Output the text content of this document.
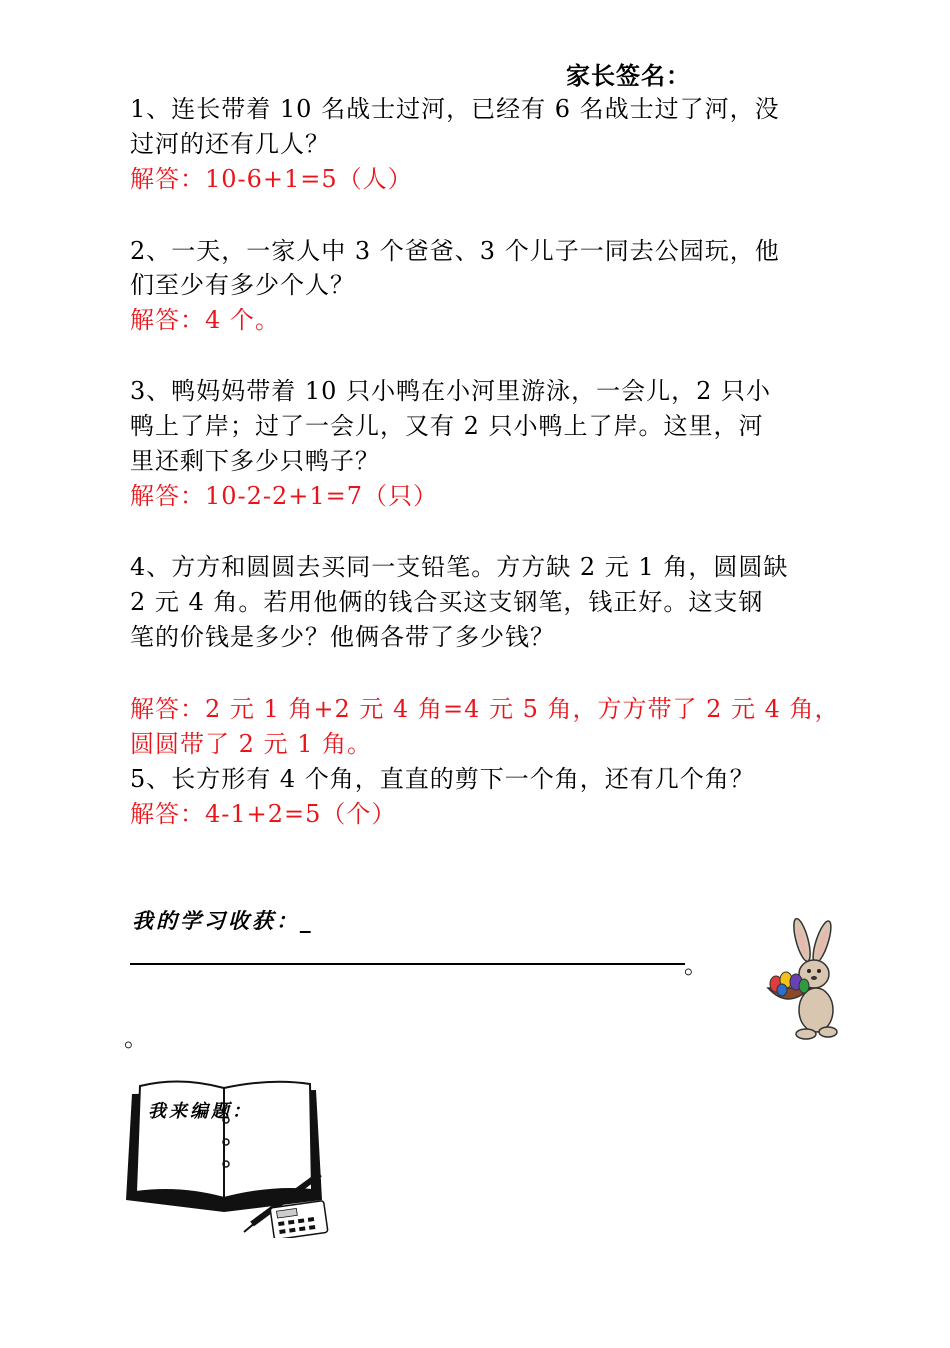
家长签名：
1、连长带着 10 名战士过河，已经有 6 名战士过了河，没
过河的还有几人？
解答：10-6+1=5（人）
2、一天，一家人中 3 个爸爸、3 个儿子一同去公园玩，他
们至少有多少个人？
解答：4 个。
3、鸭妈妈带着 10 只小鸭在小河里游泳，一会儿，2 只小
鸭上了岸；过了一会儿，又有 2 只小鸭上了岸。这里，河
里还剩下多少只鸭子？
解答：10-2-2+1=7（只）
4、方方和圆圆去买同一支铅笔。方方缺 2 元 1 角，圆圆缺
2 元 4 角。若用他俩的钱合买这支钢笔，钱正好。这支钢
笔的价钱是多少？他俩各带了多少钱？
解答：2 元 1 角+2 元 4 角=4 元 5 角，方方带了 2 元 4 角，
圆圆带了 2 元 1 角。
5、长方形有 4 个角，直直的剪下一个角，还有几个角？
解答：4-1+2=5（个）
我的学习收获：_
。
。
我来编题：
